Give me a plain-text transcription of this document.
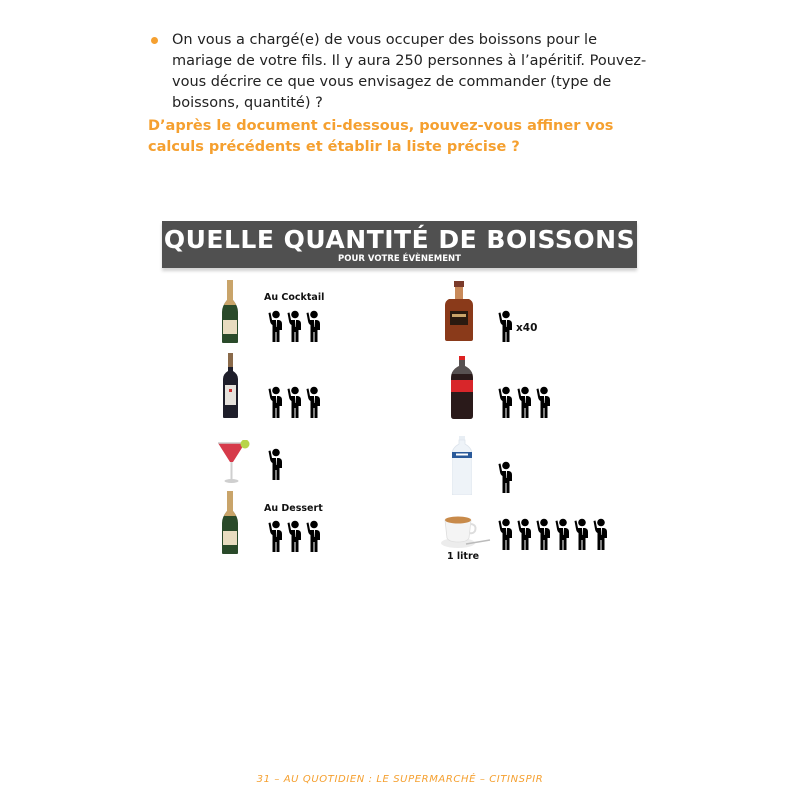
On vous a chargé(e) de vous occuper des boissons pour le mariage de votre fils. Il y aura 250 personnes à l’apéritif. Pouvez-vous décrire ce que vous envisagez de commander (type de boissons, quantité) ?
D’après le document ci-dessous, pouvez-vous affiner vos calculs précédents et établir la liste précise ?
QUELLE QUANTITÉ DE BOISSONS
POUR VOTRE ÉVÈNEMENT
Au Cocktail
Au Dessert
x40
1 litre
31 – AU QUOTIDIEN : LE SUPERMARCHÉ – CITINSPIR
